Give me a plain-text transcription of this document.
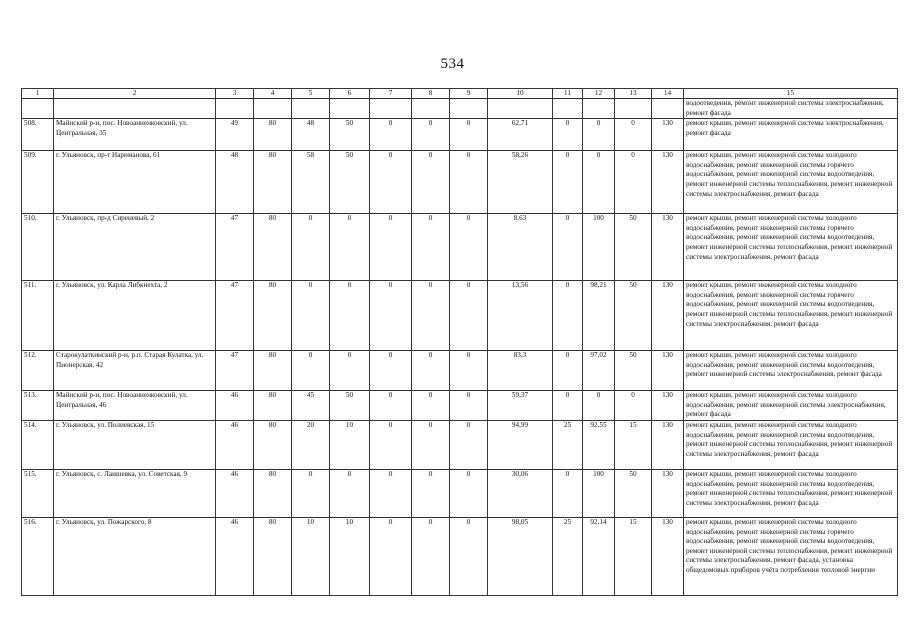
534
1	2	3	4	5	6	7	8	9	10	11	12	13	14	15
														водоотведения, ремонт инженерной системы электроснабжения, ремонт фасада
508.	Майнский р-н, пос. Новоанненковский, ул. Центральная, 35	49	80	48	50	0	0	0	62,71	0	0	0	130	ремонт крыши, ремонт инженерной системы электроснабжения, ремонт фасада
509.	г. Ульяновск, пр-т Нариманова, 61	48	80	58	50	0	0	0	58,26	0	0	0	130	ремонт крыши, ремонт инженерной системы холодного водоснабжения, ремонт инженерной системы горячего водоснабжения, ремонт инженерной системы водоотведения, ремонт инженерной системы теплоснабжения, ремонт инженерной системы электроснабжения, ремонт фасада
510.	г. Ульяновск, пр-д Сиреневый, 2	47	80	0	0	0	0	0	8,63	0	100	50	130	ремонт крыши, ремонт инженерной системы холодного водоснабжения, ремонт инженерной системы горячего водоснабжения, ремонт инженерной системы водоотведения, ремонт инженерной системы теплоснабжения, ремонт инженерной системы электроснабжения, ремонт фасада
511.	г. Ульяновск, ул. Карла Либкнехта, 2	47	80	0	0	0	0	0	13,56	0	98,21	50	130	ремонт крыши, ремонт инженерной системы холодного водоснабжения, ремонт инженерной системы горячего водоснабжения, ремонт инженерной системы водоотведения, ремонт инженерной системы теплоснабжения, ремонт инженерной системы электроснабжения, ремонт фасада
512.	Старокулаткинский р-н, р.п. Старая Кулатка, ул. Пионерская, 42	47	80	0	0	0	0	0	83,3	0	97,02	50	130	ремонт крыши, ремонт инженерной системы холодного водоснабжения, ремонт инженерной системы водоотведения, ремонт инженерной системы электроснабжения, ремонт фасада
513.	Майнский р-н, пос. Новоанненковский, ул. Центральная, 46	46	80	45	50	0	0	0	59,37	0	0	0	130	ремонт крыши, ремонт инженерной системы холодного водоснабжения, ремонт инженерной системы электроснабжения, ремонт фасада
514.	г. Ульяновск, ул. Полиевская, 15	46	80	20	10	0	0	0	94,99	25	92,55	15	130	ремонт крыши, ремонт инженерной системы холодного водоснабжения, ремонт инженерной системы водоотведения, ремонт инженерной системы теплоснабжения, ремонт инженерной системы электроснабжения, ремонт фасада
515.	г. Ульяновск, с. Лаишевка, ул. Советская, 9	46	80	0	0	0	0	0	30,06	0	100	50	130	ремонт крыши, ремонт инженерной системы холодного водоснабжения, ремонт инженерной системы водоотведения, ремонт инженерной системы теплоснабжения, ремонт инженерной системы электроснабжения, ремонт фасада
516.	г. Ульяновск, ул. Пожарского, 8	46	80	10	10	0	0	0	98,05	25	92,14	15	130	ремонт крыши, ремонт инженерной системы холодного водоснабжения, ремонт инженерной системы горячего водоснабжения, ремонт инженерной системы водоотведения, ремонт инженерной системы теплоснабжения, ремонт инженерной системы электроснабжения, ремонт фасада, установка общедомовых приборов учёта потребления тепловой энергии
